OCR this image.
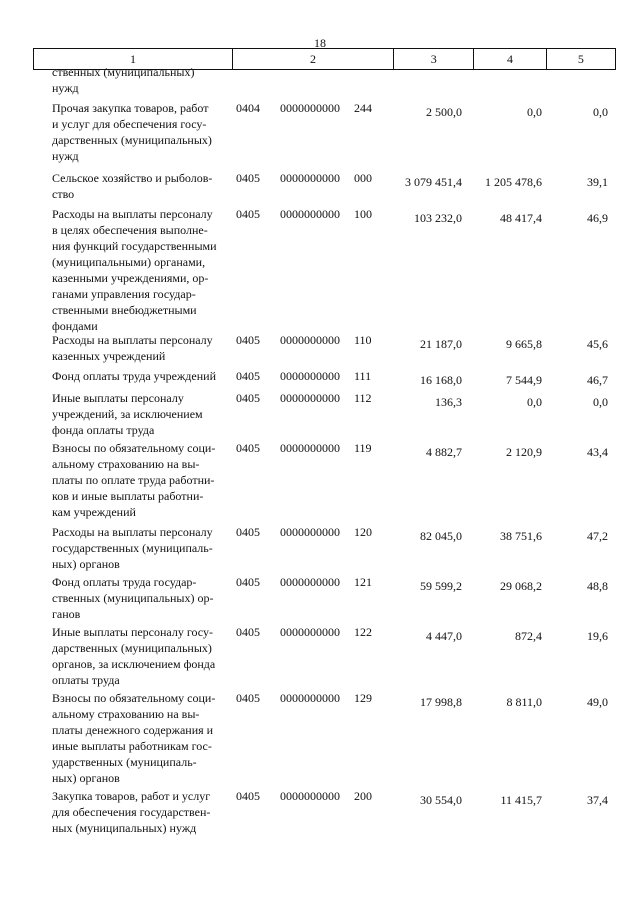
18
1	2	3	4	5
ственных (муниципальных)
нужд
Прочая закупка товаров, работ
и услуг для обеспечения госу-
дарственных (муниципальных)
нужд
0404	0000000000	244	2 500,0	0,0	0,0
Сельское хозяйство и рыболов-
ство
0405	0000000000	000	3 079 451,4	1 205 478,6	39,1
Расходы на выплаты персоналу
в целях обеспечения выполне-
ния функций государственными
(муниципальными) органами,
казенными учреждениями, ор-
ганами управления государ-
ственными внебюджетными
фондами
0405	0000000000	100	103 232,0	48 417,4	46,9
Расходы на выплаты персоналу
казенных учреждений
0405	0000000000	110	21 187,0	9 665,8	45,6
Фонд оплаты труда учреждений	0405	0000000000	111	16 168,0	7 544,9	46,7
Иные выплаты персоналу
учреждений, за исключением
фонда оплаты труда
0405	0000000000	112	136,3	0,0	0,0
Взносы по обязательному соци-
альному страхованию на вы-
платы по оплате труда работни-
ков и иные выплаты работни-
кам учреждений
0405	0000000000	119	4 882,7	2 120,9	43,4
Расходы на выплаты персоналу
государственных (муниципаль-
ных) органов
0405	0000000000	120	82 045,0	38 751,6	47,2
Фонд оплаты труда государ-
ственных (муниципальных) ор-
ганов
0405	0000000000	121	59 599,2	29 068,2	48,8
Иные выплаты персоналу госу-
дарственных (муниципальных)
органов, за исключением фонда
оплаты труда
0405	0000000000	122	4 447,0	872,4	19,6
Взносы по обязательному соци-
альному страхованию на вы-
платы денежного содержания и
иные выплаты работникам гос-
ударственных (муниципаль-
ных) органов
0405	0000000000	129	17 998,8	8 811,0	49,0
Закупка товаров, работ и услуг
для обеспечения государствен-
ных (муниципальных) нужд
0405	0000000000	200	30 554,0	11 415,7	37,4
